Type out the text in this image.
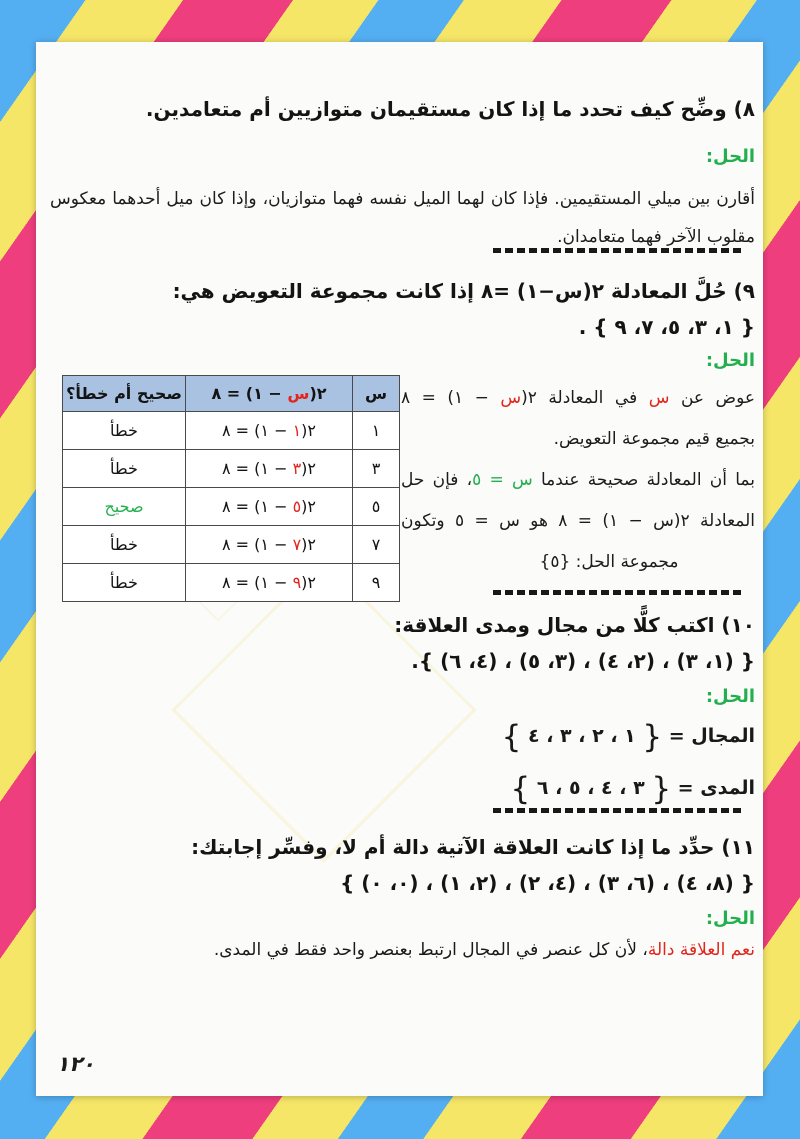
٨) وضِّح كيف تحدد ما إذا كان مستقيمان متوازيين أم متعامدين.
الحل:
أقارن بين ميلي المستقيمين. فإذا كان لهما الميل نفسه فهما متوازيان، وإذا كان ميل أحدهما معكوس مقلوب الآخر فهما متعامدان.
٩) حُلَّ المعادلة ٢(س−١) =٨ إذا كانت مجموعة التعويض هي:
{ ١، ٣، ٥، ٧، ٩ } .
الحل:
س	٢(س − ١) = ٨	صحيح أم خطأ؟
١	٢(١ − ١) = ٨	خطأ
٣	٢(٣ − ١) = ٨	خطأ
٥	٢(٥ − ١) = ٨	صحيح
٧	٢(٧ − ١) = ٨	خطأ
٩	٢(٩ − ١) = ٨	خطأ
عوض عن س في المعادلة ٢(س − ١) = ٨
بجميع قيم مجموعة التعويض.
بما أن المعادلة صحيحة عندما س = ٥، فإن حل
المعادلة ٢(س − ١) = ٨ هو س = ٥ وتكون
مجموعة الحل: {٥}
١٠) اكتب كلًّا من مجال ومدى العلاقة:
{ (١، ٣) ، (٢، ٤) ، (٣، ٥) ، (٤، ٦) }.
الحل:
المجال = { ١ ، ٢ ، ٣ ، ٤ }
المدى = { ٣ ، ٤ ، ٥ ، ٦ }
١١) حدِّد ما إذا كانت العلاقة الآتية دالة أم لا، وفسِّر إجابتك:
{ (٨، ٤) ، (٦، ٣) ، (٤، ٢) ، (٢، ١) ، (٠، ٠) }
الحل:
نعم العلاقة دالة، لأن كل عنصر في المجال ارتبط بعنصر واحد فقط في المدى.
١٢٠
